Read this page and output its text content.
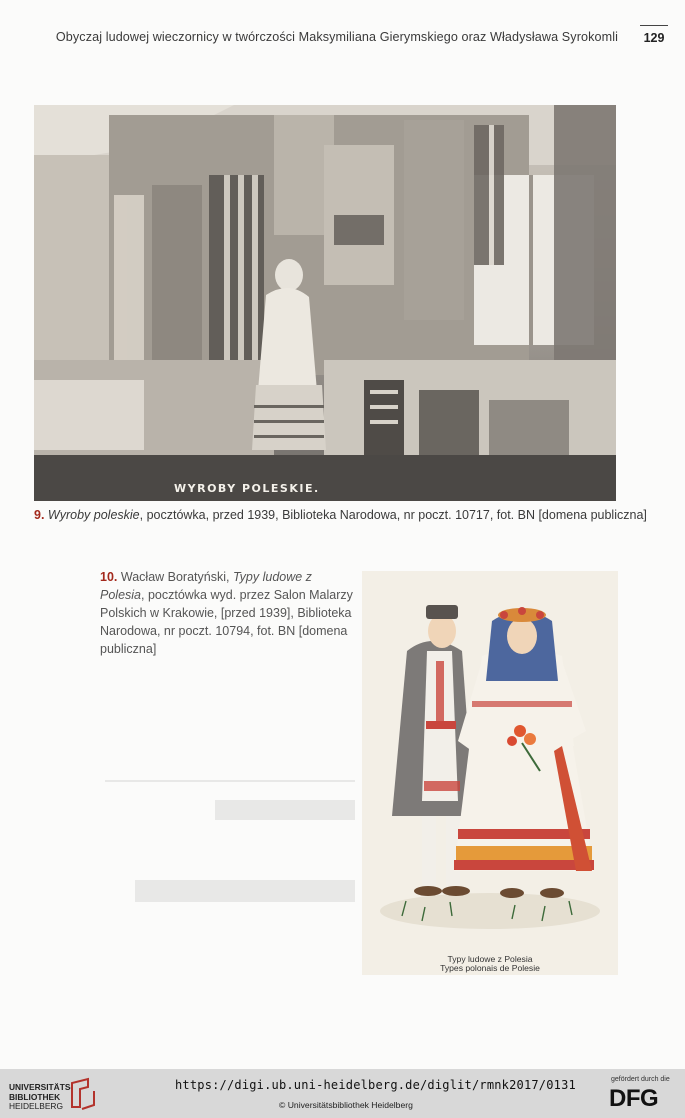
Obyczaj ludowej wieczornicy w twórczości Maksymiliana Gierymskiego oraz Władysława Syrokomli 129
WYROBY POLESKIE.
9. Wyroby poleskie, pocztówka, przed 1939, Biblioteka Narodowa, nr poczt. 10717, fot. BN [domena publiczna]
10. Wacław Boratyński, Typy ludowe z Polesia, pocztówka wyd. przez Salon Malarzy Polskich w Krakowie, [przed 1939], Biblioteka Narodowa, nr poczt. 10794, fot. BN [domena publiczna]
Typy ludowe z Polesia
Types polonais de Polesie
UNIVERSITÄTS-
BIBLIOTHEK
HEIDELBERG
https://digi.ub.uni-heidelberg.de/diglit/rmnk2017/0131
© Universitätsbibliothek Heidelberg
gefördert durch die
DFG
